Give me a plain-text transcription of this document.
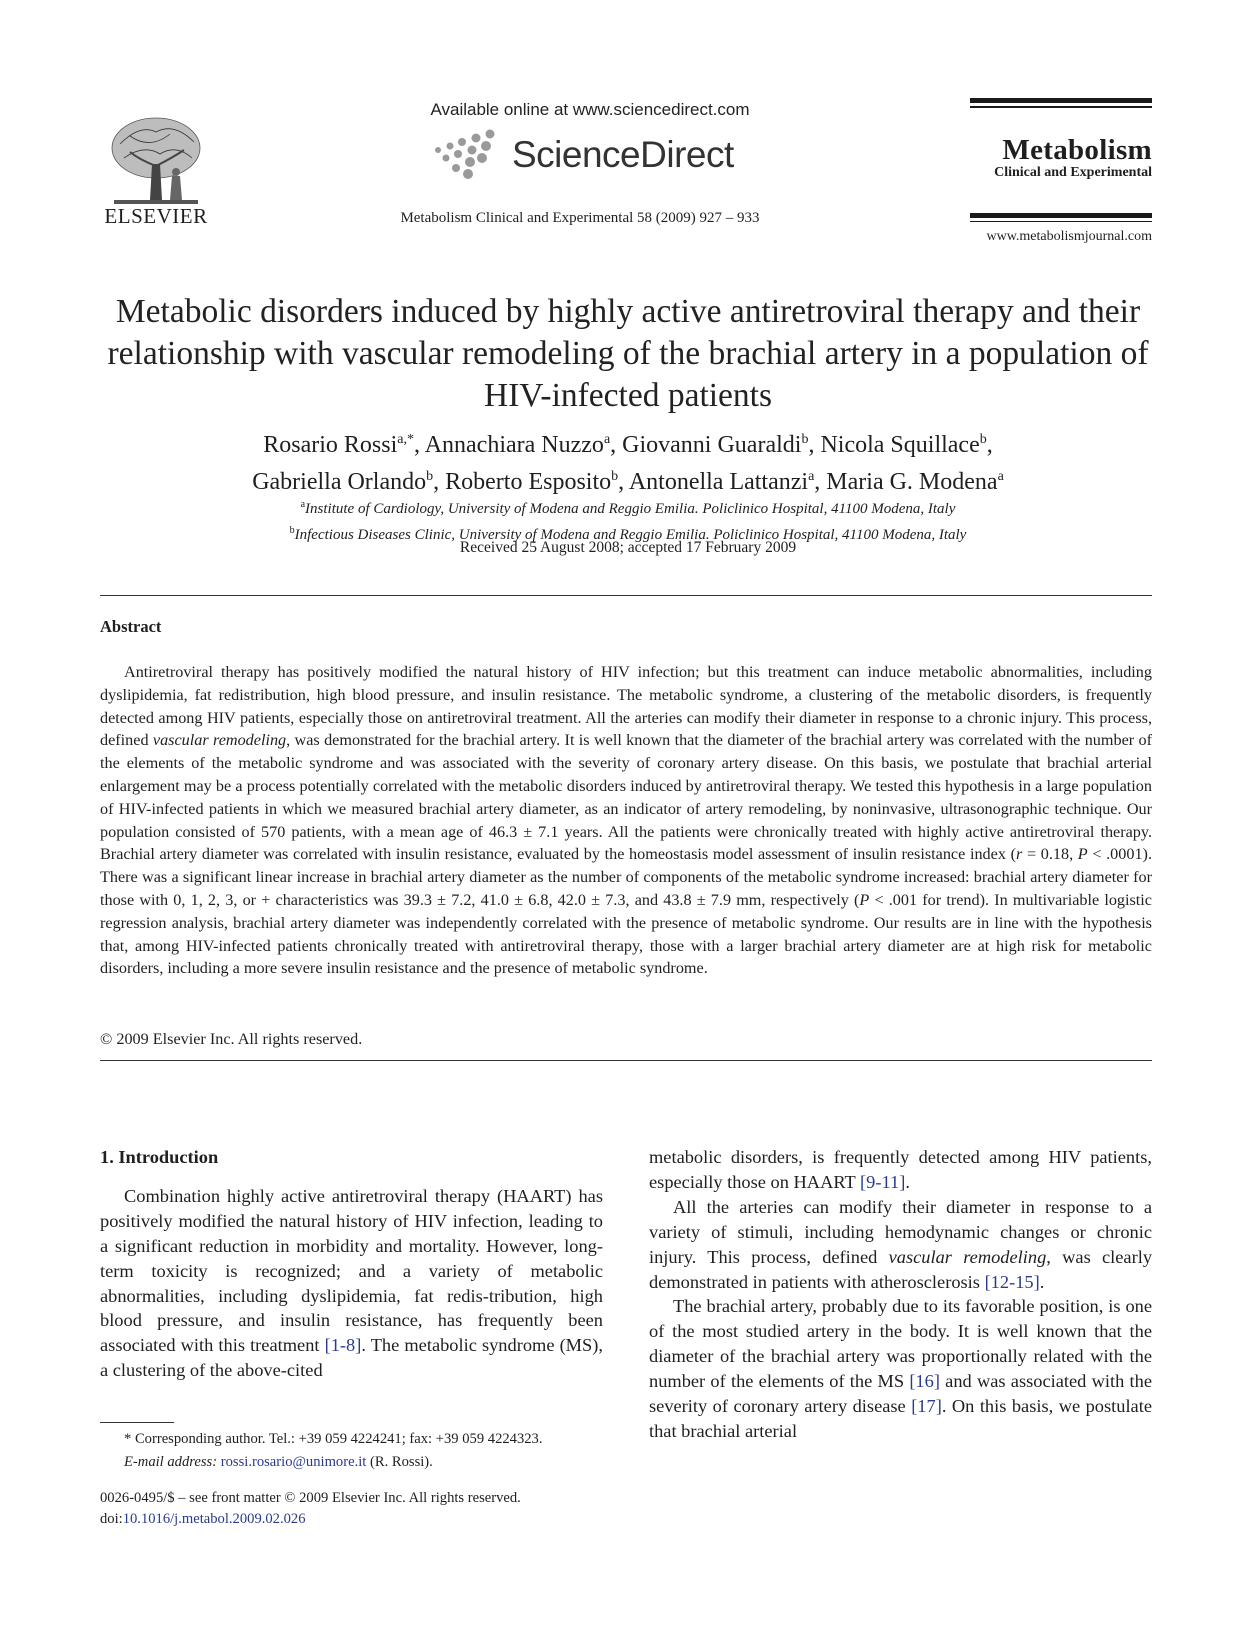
ELSEVIER
Available online at www.sciencedirect.com
ScienceDirect
Metabolism Clinical and Experimental 58 (2009) 927 – 933
Metabolism
Clinical and Experimental
www.metabolismjournal.com
Metabolic disorders induced by highly active antiretroviral therapy and their relationship with vascular remodeling of the brachial artery in a population of HIV-infected patients
Rosario Rossi$^{a,*}$, Annachiara Nuzzo$^a$, Giovanni Guaraldi$^b$, Nicola Squillace$^b$,
Gabriella Orlando$^b$, Roberto Esposito$^b$, Antonella Lattanzi$^a$, Maria G. Modena$^a$
$^a$Institute of Cardiology, University of Modena and Reggio Emilia. Policlinico Hospital, 41100 Modena, Italy
$^b$Infectious Diseases Clinic, University of Modena and Reggio Emilia. Policlinico Hospital, 41100 Modena, Italy
Received 25 August 2008; accepted 17 February 2009
Abstract

Antiretroviral therapy has positively modified the natural history of HIV infection; but this treatment can induce metabolic abnormalities, including dyslipidemia, fat redistribution, high blood pressure, and insulin resistance. The metabolic syndrome, a clustering of the metabolic disorders, is frequently detected among HIV patients, especially those on antiretroviral treatment. All the arteries can modify their diameter in response to a chronic injury. This process, defined vascular remodeling, was demonstrated for the brachial artery. It is well known that the diameter of the brachial artery was correlated with the number of the elements of the metabolic syndrome and was associated with the severity of coronary artery disease. On this basis, we postulate that brachial arterial enlargement may be a process potentially correlated with the metabolic disorders induced by antiretroviral therapy. We tested this hypothesis in a large population of HIV-infected patients in which we measured brachial artery diameter, as an indicator of artery remodeling, by noninvasive, ultrasonographic technique. Our population consisted of 570 patients, with a mean age of 46.3 ± 7.1 years. All the patients were chronically treated with highly active antiretroviral therapy. Brachial artery diameter was correlated with insulin resistance, evaluated by the homeostasis model assessment of insulin resistance index (r = 0.18, P < .0001). There was a significant linear increase in brachial artery diameter as the number of components of the metabolic syndrome increased: brachial artery diameter for those with 0, 1, 2, 3, or + characteristics was 39.3 ± 7.2, 41.0 ± 6.8, 42.0 ± 7.3, and 43.8 ± 7.9 mm, respectively (P < .001 for trend). In multivariable logistic regression analysis, brachial artery diameter was independently correlated with the presence of metabolic syndrome. Our results are in line with the hypothesis that, among HIV-infected patients chronically treated with antiretroviral therapy, those with a larger brachial artery diameter are at high risk for metabolic disorders, including a more severe insulin resistance and the presence of metabolic syndrome.

© 2009 Elsevier Inc. All rights reserved.

1. Introduction

Combination highly active antiretroviral therapy (HAART) has positively modified the natural history of HIV infection, leading to a significant reduction in morbidity and mortality. However, long-term toxicity is recognized; and a variety of metabolic abnormalities, including dyslipidemia, fat redis-tribution, high blood pressure, and insulin resistance, has frequently been associated with this treatment [1-8]. The metabolic syndrome (MS), a clustering of the above-cited

metabolic disorders, is frequently detected among HIV patients, especially those on HAART [9-11].

All the arteries can modify their diameter in response to a variety of stimuli, including hemodynamic changes or chronic injury. This process, defined vascular remodeling, was clearly demonstrated in patients with atherosclerosis [12-15].

The brachial artery, probably due to its favorable position, is one of the most studied artery in the body. It is well known that the diameter of the brachial artery was proportionally related with the number of the elements of the MS [16] and was associated with the severity of coronary artery disease [17]. On this basis, we postulate that brachial arterial

* Corresponding author. Tel.: +39 059 4224241; fax: +39 059 4224323.
E-mail address: rossi.rosario@unimore.it (R. Rossi).
0026-0495/$ – see front matter © 2009 Elsevier Inc. All rights reserved.
doi:10.1016/j.metabol.2009.02.026
